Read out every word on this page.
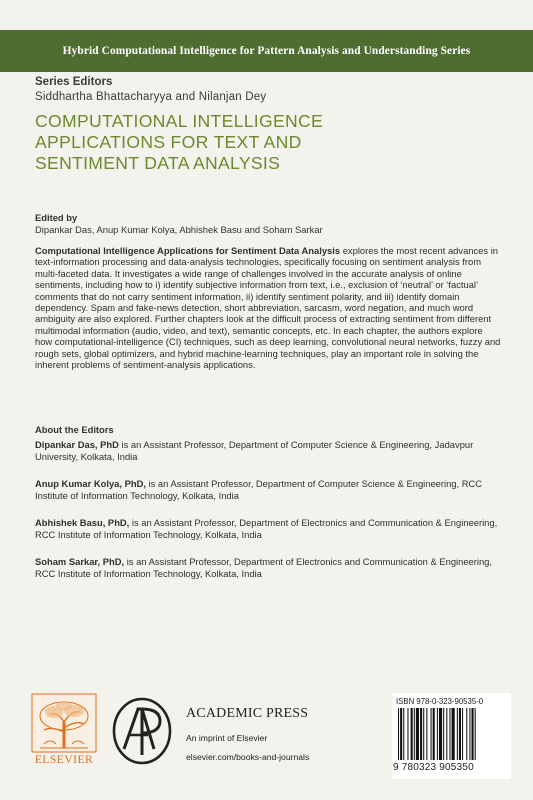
Hybrid Computational Intelligence for Pattern Analysis and Understanding Series

Series Editors

Siddhartha Bhattacharyya and Nilanjan Dey

COMPUTATIONAL INTELLIGENCE
APPLICATIONS FOR TEXT AND
SENTIMENT DATA ANALYSIS

Edited by

Dipankar Das, Anup Kumar Kolya, Abhishek Basu and Soham Sarkar

Computational Intelligence Applications for Sentiment Data Analysis explores the most recent advances in text-information processing and data-analysis technologies, specifically focusing on sentiment analysis from multi-faceted data. It investigates a wide range of challenges involved in the accurate analysis of online sentiments, including how to i) identify subjective information from text, i.e., exclusion of ‘neutral’ or ‘factual’ comments that do not carry sentiment information, ii) identify sentiment polarity, and iii) identify domain dependency. Spam and fake-news detection, short abbreviation, sarcasm, word negation, and much word ambiguity are also explored. Further chapters look at the difficult process of extracting sentiment from different multimodal information (audio, video, and text), semantic concepts, etc. In each chapter, the authors explore how computational-intelligence (CI) techniques, such as deep learning, convolutional neural networks, fuzzy and rough sets, global optimizers, and hybrid machine-learning techniques, play an important role in solving the inherent problems of sentiment-analysis applications.

About the Editors

Dipankar Das, PhD is an Assistant Professor, Department of Computer Science & Engineering, Jadavpur University, Kolkata, India

Anup Kumar Kolya, PhD, is an Assistant Professor, Department of Computer Science & Engineering, RCC Institute of Information Technology, Kolkata, India

Abhishek Basu, PhD, is an Assistant Professor, Department of Electronics and Communication & Engineering, RCC Institute of Information Technology, Kolkata, India

Soham Sarkar, PhD, is an Assistant Professor, Department of Electronics and Communication & Engineering, RCC Institute of Information Technology, Kolkata, India

ELSEVIER
ACADEMIC PRESS
An imprint of Elsevier
elsevier.com/books-and-journals
ISBN 978-0-323-90535-0
9 780323 905350
